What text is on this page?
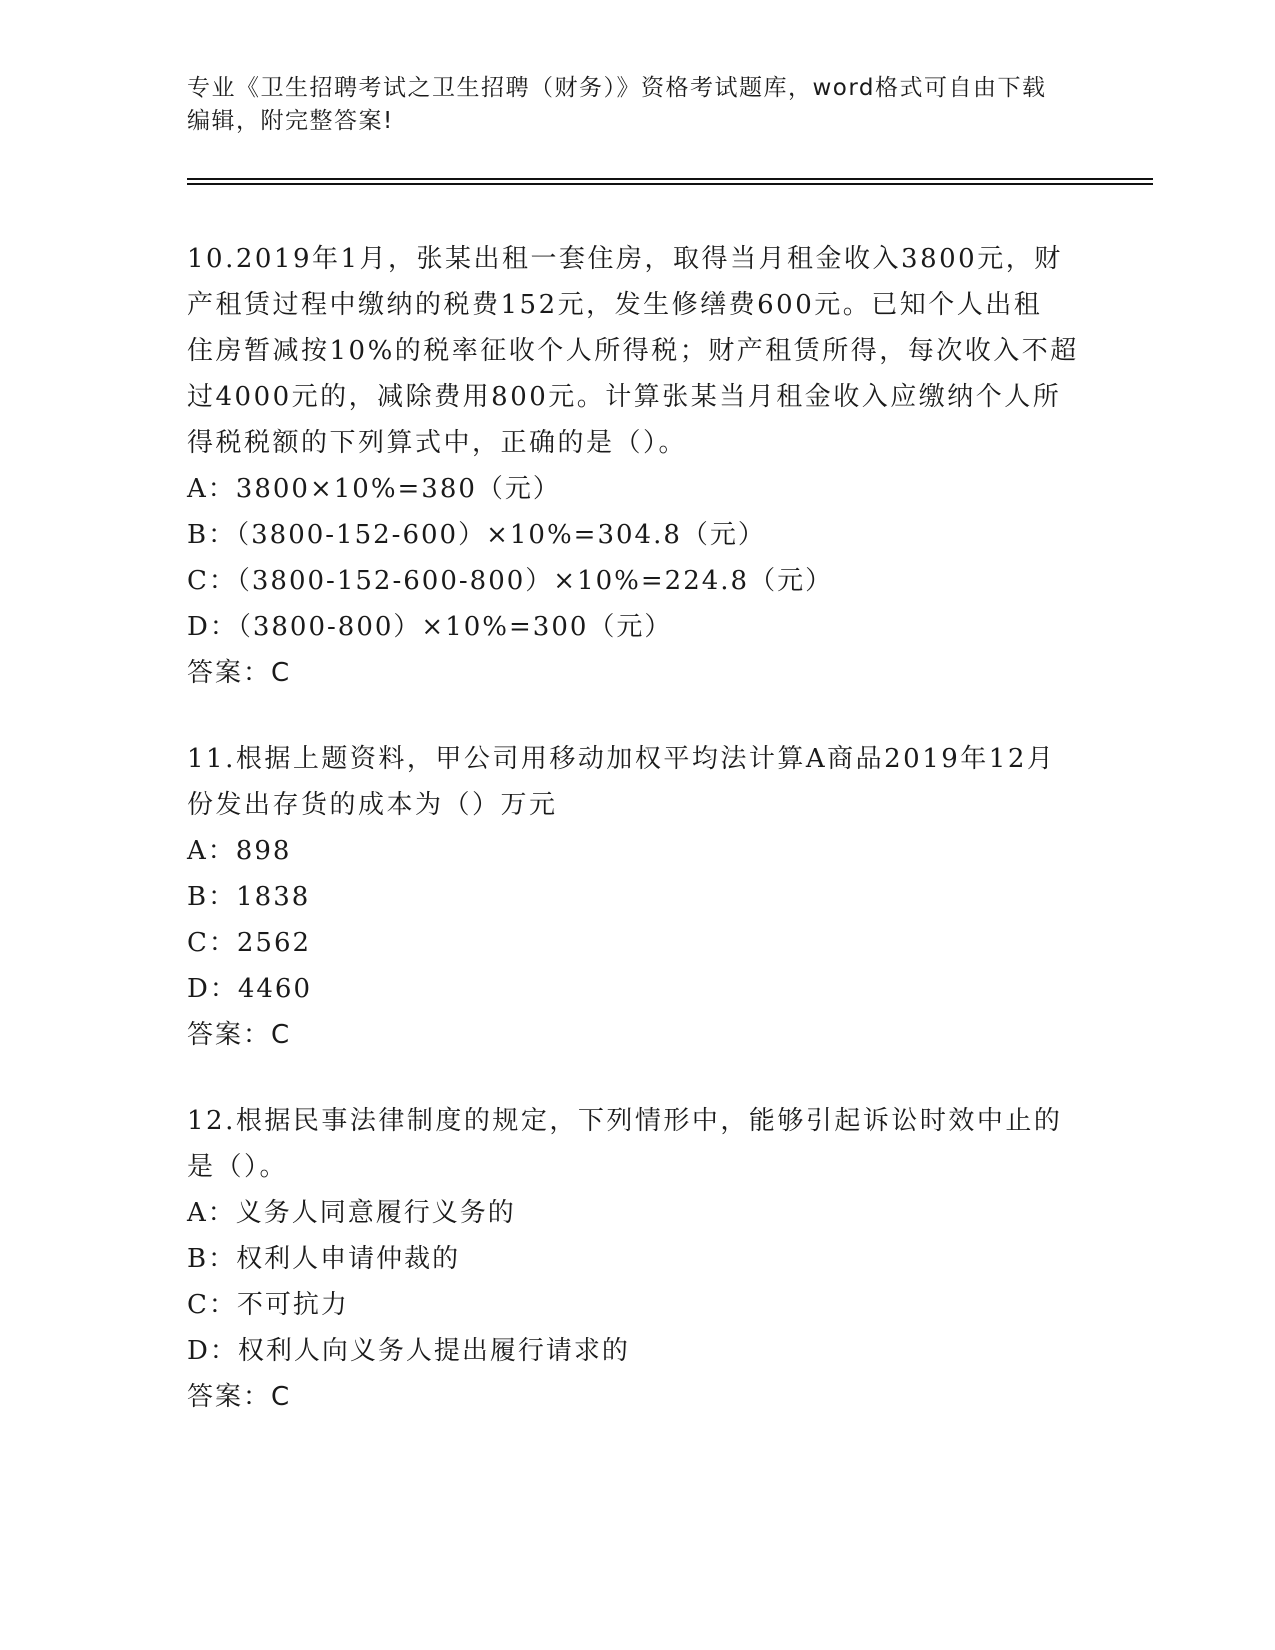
专业《卫生招聘考试之卫生招聘（财务）》资格考试题库，word格式可自由下载
编辑，附完整答案!
10.2019年1月，张某出租一套住房，取得当月租金收入3800元，财
产租赁过程中缴纳的税费152元，发生修缮费600元。已知个人出租
住房暂减按10%的税率征收个人所得税；财产租赁所得，每次收入不超
过4000元的，减除费用800元。计算张某当月租金收入应缴纳个人所
得税税额的下列算式中，正确的是（）。
A：3800×10%=380（元）
B：（3800-152-600）×10%=304.8（元）
C：（3800-152-600-800）×10%=224.8（元）
D：（3800-800）×10%=300（元）
答案：C
11.根据上题资料，甲公司用移动加权平均法计算A商品2019年12月
份发出存货的成本为（）万元
A：898
B：1838
C：2562
D：4460
答案：C
12.根据民事法律制度的规定，下列情形中，能够引起诉讼时效中止的
是（）。
A：义务人同意履行义务的
B：权利人申请仲裁的
C：不可抗力
D：权利人向义务人提出履行请求的
答案：C
